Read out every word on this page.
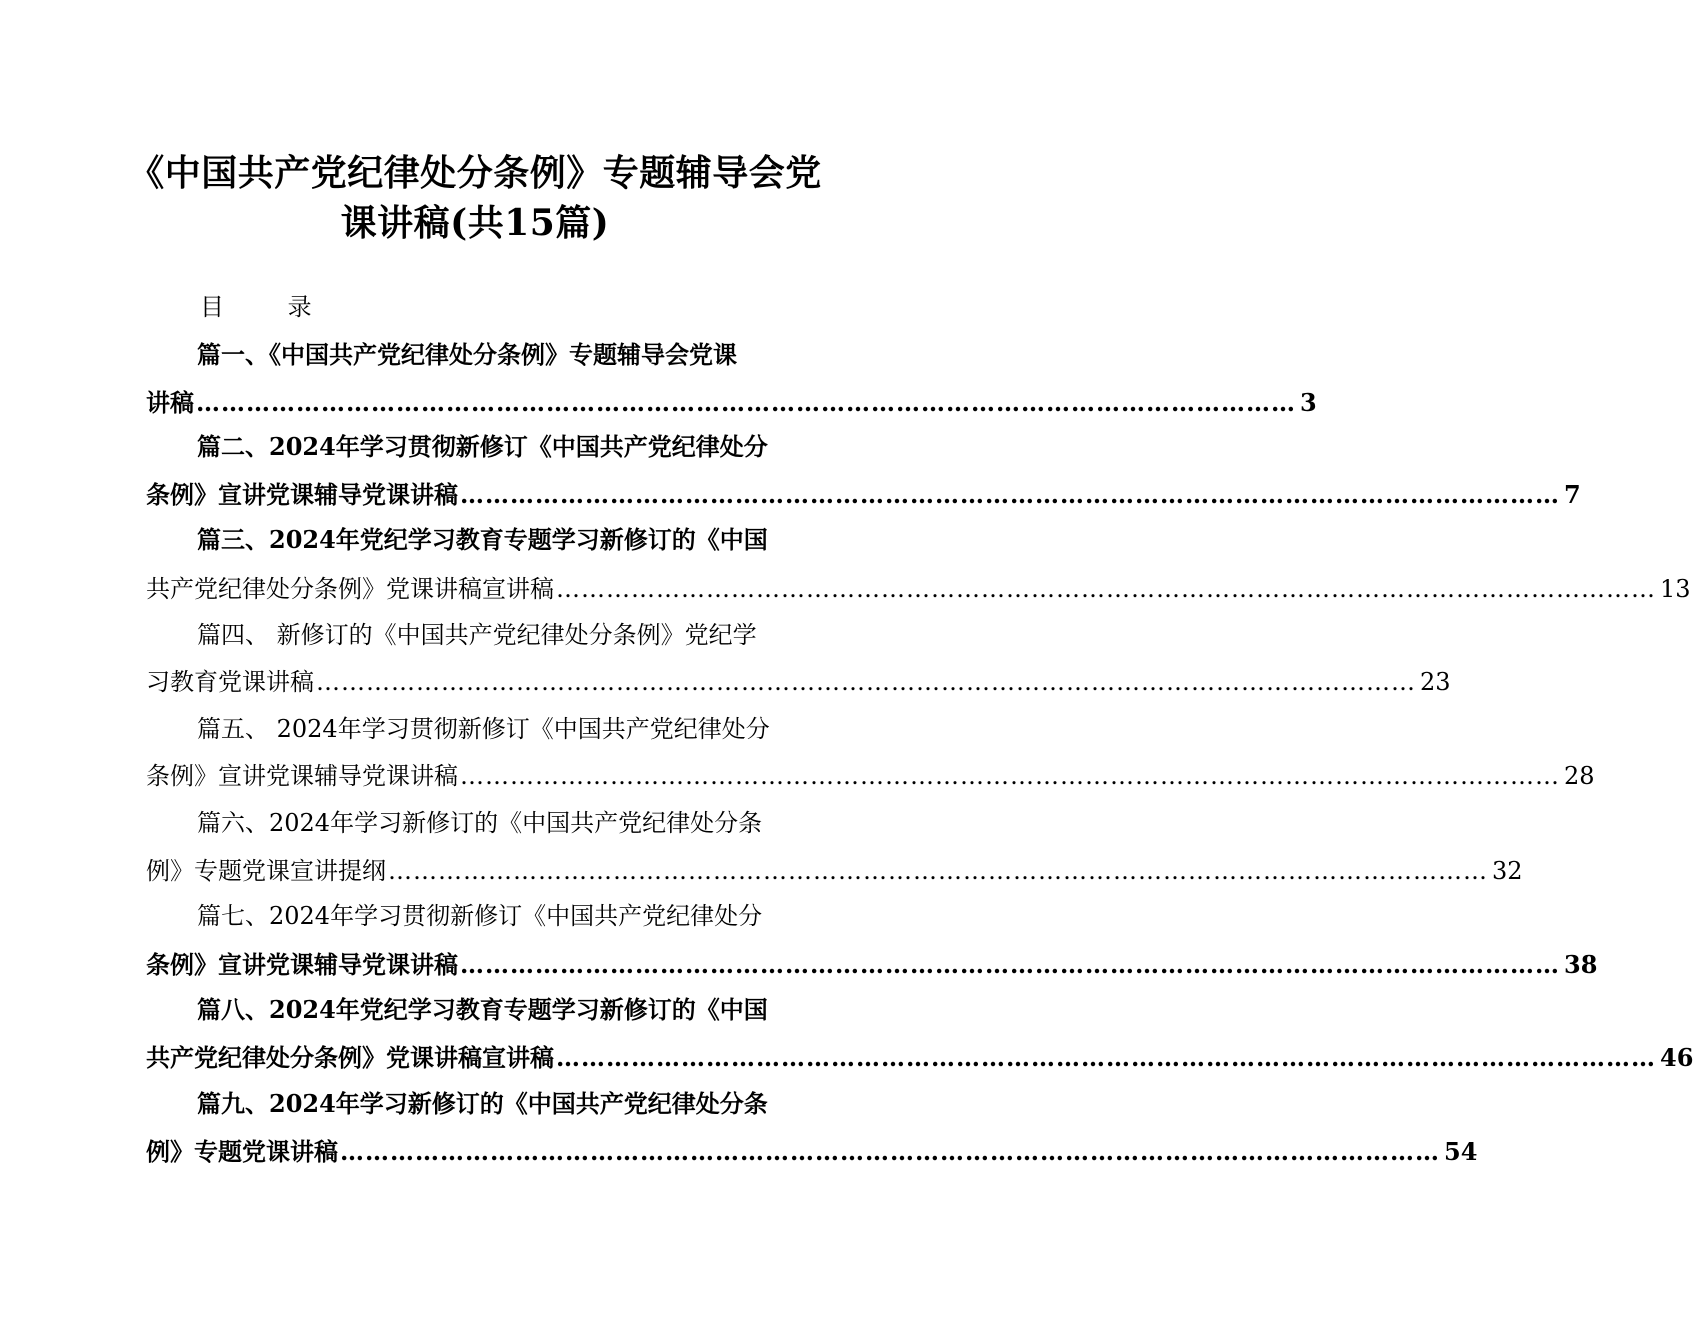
《中国共产党纪律处分条例》专题辅导会党
课讲稿(共15篇)
目 录
篇一、《中国共产党纪律处分条例》专题辅导会党课
讲稿 …………………………………………………………………………………………………………………… 3
篇二、2024年学习贯彻新修订《中国共产党纪律处分
条例》宣讲党课辅导党课讲稿 …………………………………………………………………………………………………………………… 7
篇三、2024年党纪学习教育专题学习新修订的《中国
共产党纪律处分条例》党课讲稿宣讲稿 …………………………………………………………………………………………………………………… 13
篇四、 新修订的《中国共产党纪律处分条例》党纪学
习教育党课讲稿 …………………………………………………………………………………………………………………… 23
篇五、 2024年学习贯彻新修订《中国共产党纪律处分
条例》宣讲党课辅导党课讲稿 …………………………………………………………………………………………………………………… 28
篇六、2024年学习新修订的《中国共产党纪律处分条
例》专题党课宣讲提纲 …………………………………………………………………………………………………………………… 32
篇七、2024年学习贯彻新修订《中国共产党纪律处分
条例》宣讲党课辅导党课讲稿 …………………………………………………………………………………………………………………… 38
篇八、2024年党纪学习教育专题学习新修订的《中国
共产党纪律处分条例》党课讲稿宣讲稿 …………………………………………………………………………………………………………………… 46
篇九、2024年学习新修订的《中国共产党纪律处分条
例》专题党课讲稿 …………………………………………………………………………………………………………………… 54
